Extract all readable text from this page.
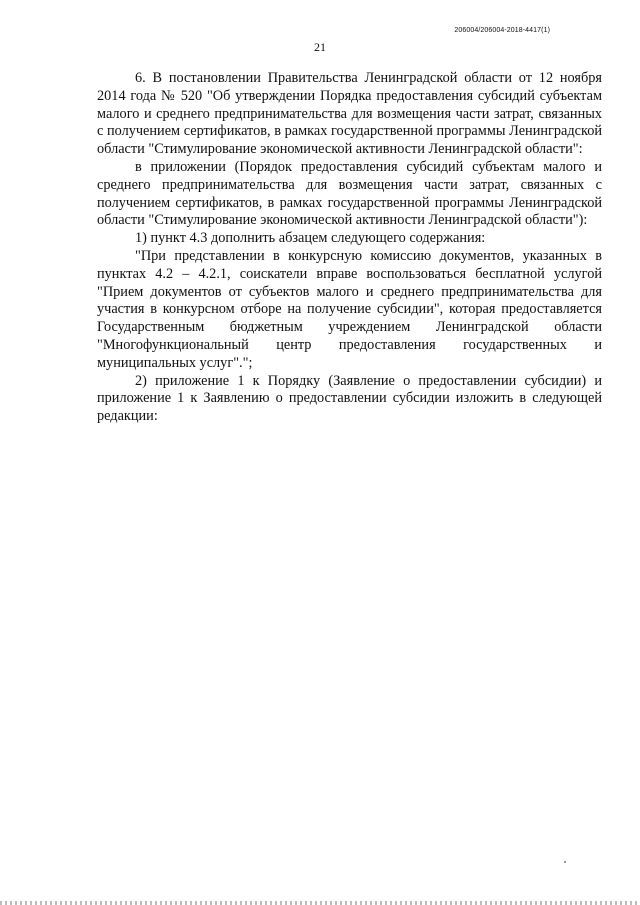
206004/206004-2018-4417(1)
21

6. В постановлении Правительства Ленинградской области от 12 ноября 2014 года № 520 "Об утверждении Порядка предоставления субсидий субъектам малого и среднего предпринимательства для возмещения части затрат, связанных с получением сертификатов, в рамках государственной программы Ленинградской области "Стимулирование экономической активности Ленинградской области":

в приложении (Порядок предоставления субсидий субъектам малого и среднего предпринимательства для возмещения части затрат, связанных с получением сертификатов, в рамках государственной программы Ленинградской области "Стимулирование экономической активности Ленинградской области"):

1) пункт 4.3 дополнить абзацем следующего содержания:

"При представлении в конкурсную комиссию документов, указанных в пунктах 4.2 – 4.2.1, соискатели вправе воспользоваться бесплатной услугой "Прием документов от субъектов малого и среднего предпринимательства для участия в конкурсном отборе на получение субсидии", которая предоставляется Государственным бюджетным учреждением Ленинградской области "Многофункциональный центр предоставления государственных и муниципальных услуг".";

2) приложение 1 к Порядку (Заявление о предоставлении субсидии) и приложение 1 к Заявлению о предоставлении субсидии изложить в следующей редакции:
